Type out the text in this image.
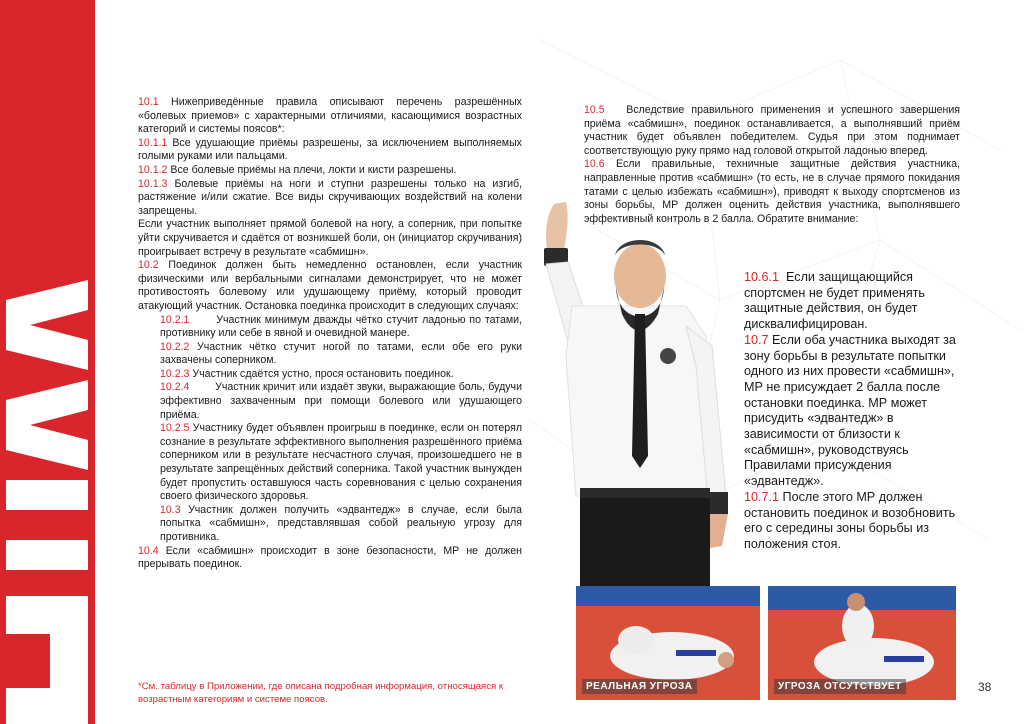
10.1 Нижеприведённые правила описывают перечень разрешённых «болевых приемов» с характерными отличиями, касающимися возрастных категорий и системы поясов*:

10.1.1 Все удушающие приёмы разрешены, за исключением выполняемых голыми руками или пальцами.

10.1.2 Все болевые приёмы на плечи, локти и кисти разрешены.

10.1.3 Болевые приёмы на ноги и ступни разрешены только на изгиб, растяжение и/или сжатие. Все виды скручивающих воздействий на колени запрещены.

Если участник выполняет прямой болевой на ногу, а соперник, при попытке уйти скручивается и сдаётся от возникшей боли, он (инициатор скручивания) проигрывает встречу в результате «сабмишн».

10.2 Поединок должен быть немедленно остановлен, если участник физическими или вербальными сигналами демонстрирует, что не может противостоять болевому или удушающему приёму, который проводит атакующий участник. Остановка поединка происходит в следующих случаях:

10.2.1	Участник минимум дважды чётко стучит ладонью по татами, противнику или себе в явной и очевидной манере.

10.2.2 Участник чётко стучит ногой по татами, если обе его руки захвачены соперником.

10.2.3 Участник сдаётся устно, прося остановить поединок.

10.2.4 Участник кричит или издаёт звуки, выражающие боль, будучи эффективно захваченным при помощи болевого или удушающего приёма.

10.2.5 Участнику будет объявлен проигрыш в поединке, если он потерял сознание в результате эффективного выполнения разрешённого приёма соперником или в результате несчастного случая, произошедшего не в результате запрещённых действий соперника. Такой участник вынужден будет пропустить оставшуюся часть соревнования с целью сохранения своего физического здоровья.

10.3 Участник должен получить «эдвантедж» в случае, если была попытка «сабмишн», представлявшая собой реальную угрозу для противника.

10.4 Если «сабмишн» происходит в зоне безопасности, МР не должен прерывать поединок.

10.5 Вследствие правильного применения и успешного завершения приёма «сабмишн», поединок останавливается, а выполнявший приём участник будет объявлен победителем. Судья при этом поднимает соответствующую руку прямо над головой открытой ладонью вперед.

10.6 Если правильные, техничные защитные действия участника, направленные против «сабмишн» (то есть, не в случае прямого покидания татами с целью избежать «сабмишн»), приводят к выходу спортсменов из зоны борьбы, МР должен оценить действия участника, выполнявшего эффективный контроль в 2 балла. Обратите внимание:

10.6.1 Если защищающийся спортсмен не будет применять защитные действия, он будет дисквалифицирован.

10.7 Если оба участника выходят за зону борьбы в результате попытки одного из них провести «сабмишн», МР не присуждает 2 балла после остановки поединка. МР может присудить «эдвантедж» в зависимости от близости к «сабмишн», руководствуясь Правилами присуждения «эдвантедж».

10.7.1 После этого МР должен остановить поединок и возобновить его с середины зоны борьбы из положения стоя.

РЕАЛЬНАЯ УГРОЗА	УГРОЗА ОТСУТСТВУЕТ
*См. таблицу в Приложении, где описана подробная информация, относящаяся к возрастным категориям и системе поясов.
38
